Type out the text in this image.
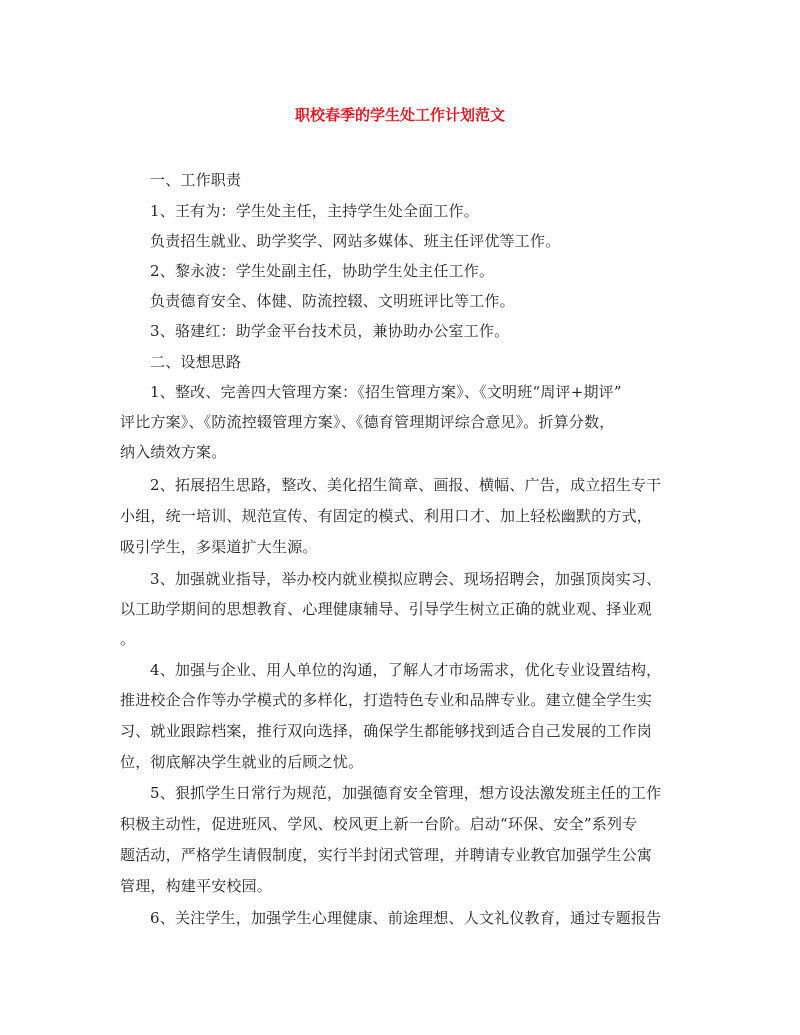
职校春季的学生处工作计划范文
一、工作职责
1、王有为：学生处主任，主持学生处全面工作。
负责招生就业、助学奖学、网站多媒体、班主任评优等工作。
2、黎永波：学生处副主任，协助学生处主任工作。
负责德育安全、体健、防流控辍、文明班评比等工作。
3、骆建红：助学金平台技术员，兼协助办公室工作。
二、设想思路
1、整改、完善四大管理方案：《招生管理方案》、《文明班“周评+期评”
评比方案》、《防流控辍管理方案》、《德育管理期评综合意见》。折算分数，
纳入绩效方案。
2、拓展招生思路，整改、美化招生简章、画报、横幅、广告，成立招生专干
小组，统一培训、规范宣传、有固定的模式、利用口才、加上轻松幽默的方式，
吸引学生，多渠道扩大生源。
3、加强就业指导，举办校内就业模拟应聘会、现场招聘会，加强顶岗实习、
以工助学期间的思想教育、心理健康辅导、引导学生树立正确的就业观、择业观
。
4、加强与企业、用人单位的沟通，了解人才市场需求，优化专业设置结构，
推进校企合作等办学模式的多样化，打造特色专业和品牌专业。建立健全学生实
习、就业跟踪档案，推行双向选择，确保学生都能够找到适合自己发展的工作岗
位，彻底解决学生就业的后顾之忧。
5、狠抓学生日常行为规范，加强德育安全管理，想方设法激发班主任的工作
积极主动性，促进班风、学风、校风更上新一台阶。启动“环保、安全”系列专
题活动，严格学生请假制度，实行半封闭式管理，并聘请专业教官加强学生公寓
管理，构建平安校园。
6、关注学生，加强学生心理健康、前途理想、人文礼仪教育，通过专题报告
